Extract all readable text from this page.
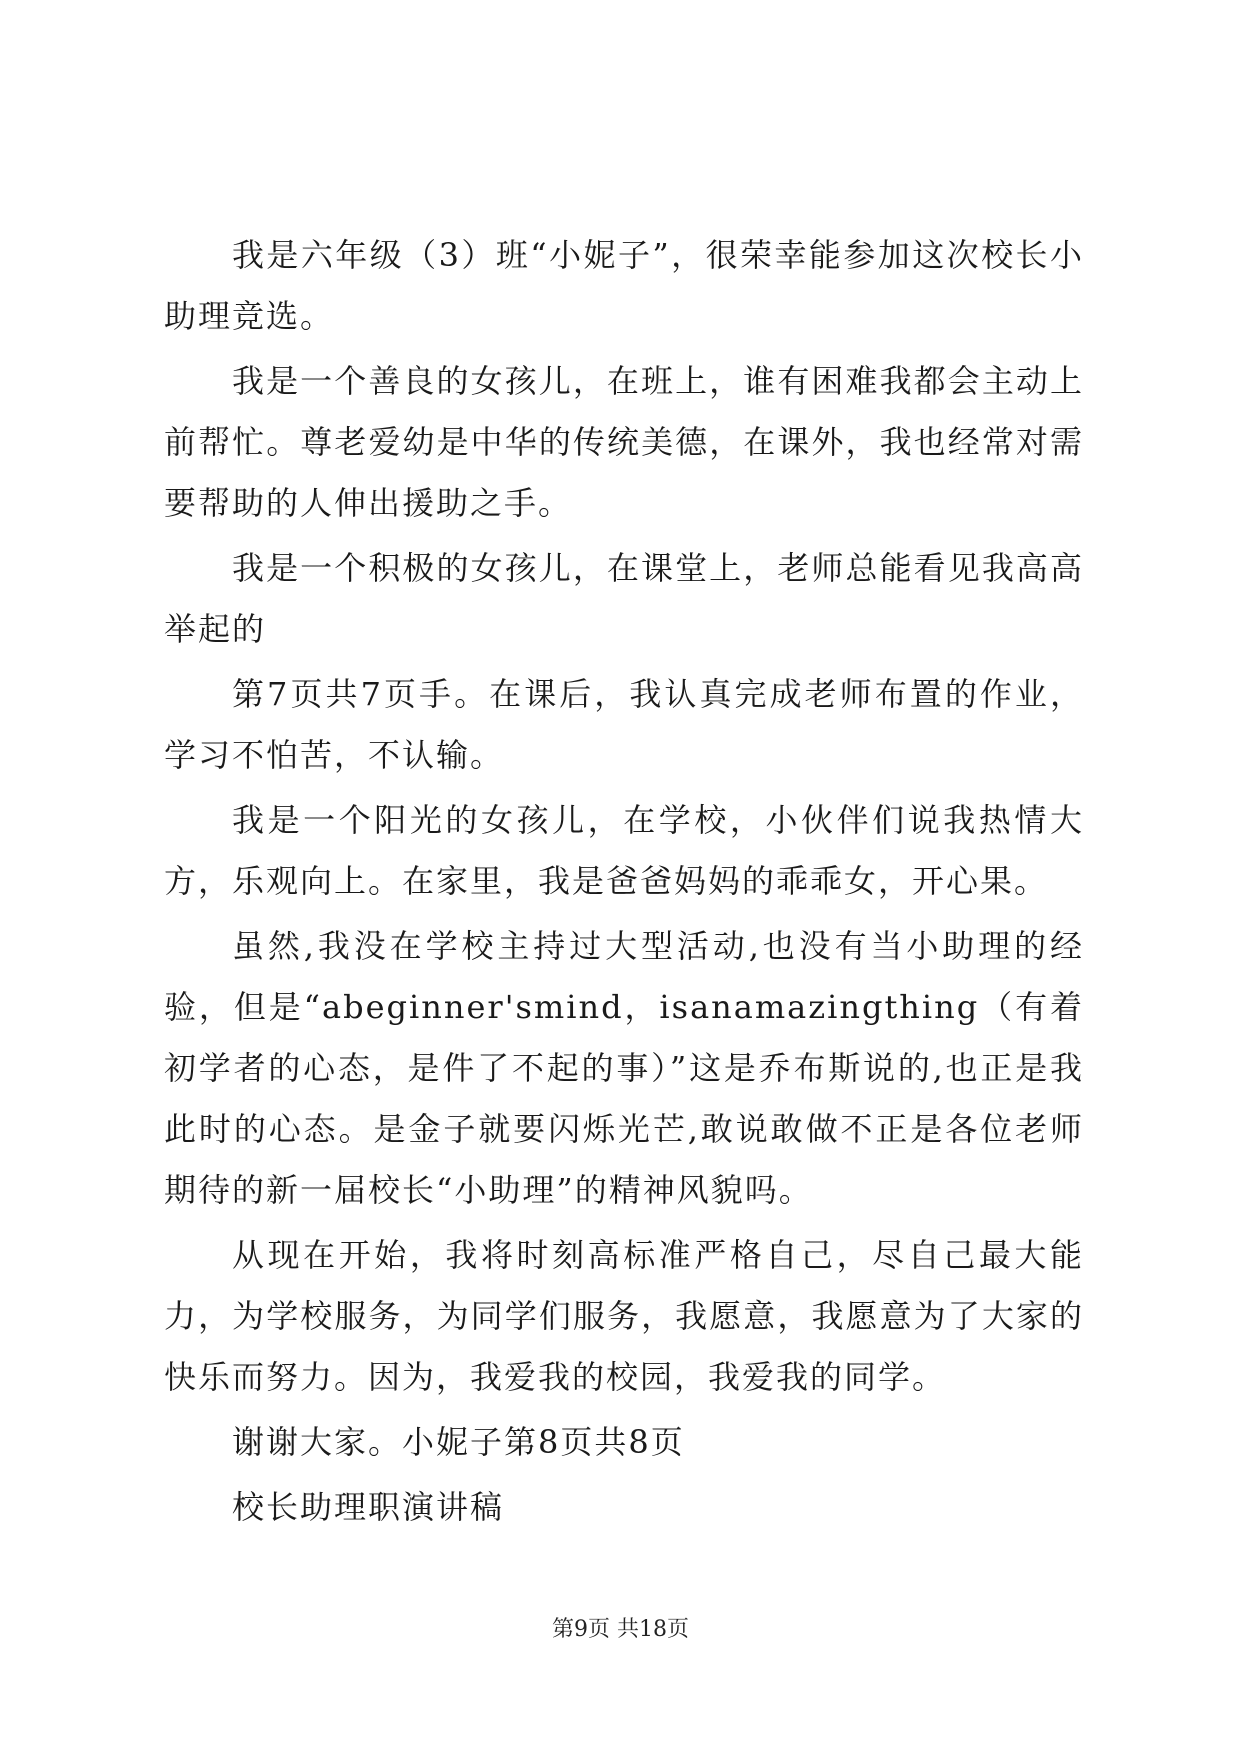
我是六年级（3）班“小妮子”，很荣幸能参加这次校长小助理竞选。

我是一个善良的女孩儿，在班上，谁有困难我都会主动上前帮忙。尊老爱幼是中华的传统美德，在课外，我也经常对需要帮助的人伸出援助之手。

我是一个积极的女孩儿，在课堂上，老师总能看见我高高举起的

第7页共7页手。在课后，我认真完成老师布置的作业，学习不怕苦，不认输。

我是一个阳光的女孩儿，在学校，小伙伴们说我热情大方，乐观向上。在家里，我是爸爸妈妈的乖乖女，开心果。

虽然,我没在学校主持过大型活动,也没有当小助理的经验，但是“abeginner'smind，isanamazingthing（有着初学者的心态，是件了不起的事）”这是乔布斯说的,也正是我此时的心态。是金子就要闪烁光芒,敢说敢做不正是各位老师期待的新一届校长“小助理”的精神风貌吗。

从现在开始，我将时刻高标准严格自己，尽自己最大能力，为学校服务，为同学们服务，我愿意，我愿意为了大家的快乐而努力。因为，我爱我的校园，我爱我的同学。

谢谢大家。小妮子第8页共8页

校长助理职演讲稿

第9页 共18页
